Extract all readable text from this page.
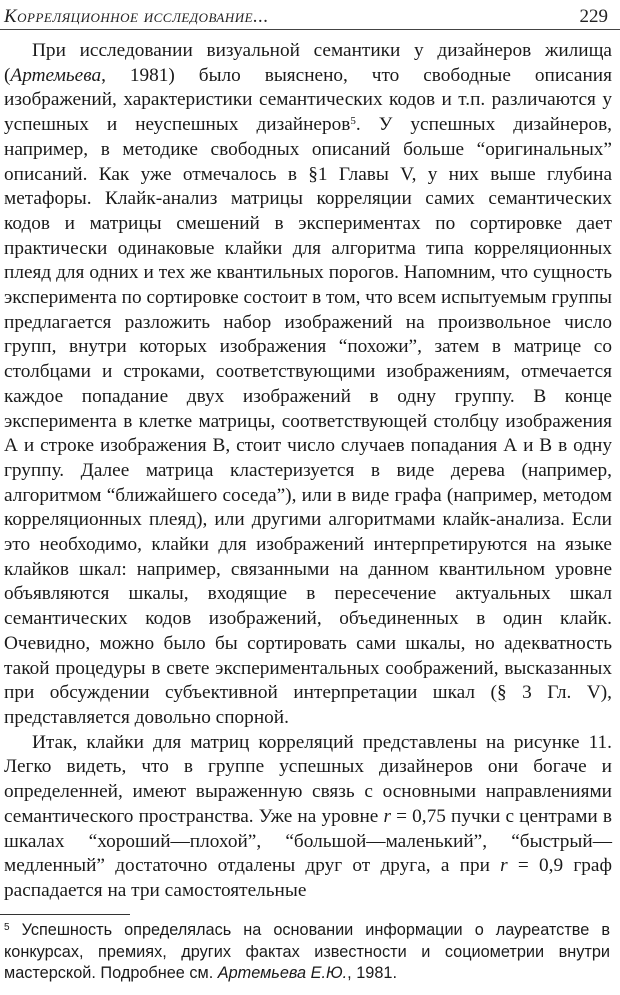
Корреляционное исследование...	229

При исследовании визуальной семантики у дизайнеров жилища (Артемьева, 1981) было выяснено, что свободные описания изображений, характеристики семантических кодов и т.п. различаются у успешных и неуспешных дизайнеров$^5$. У успешных дизайнеров, например, в методике свободных описаний больше “оригинальных” описаний. Как уже отмечалось в §1 Главы V, у них выше глубина метафоры. Клайк-анализ матрицы корреляции самих семантических кодов и матрицы смешений в экспериментах по сортировке дает практически одинаковые клайки для алгоритма типа корреляционных плеяд для одних и тех же квантильных порогов. Напомним, что сущность эксперимента по сортировке состоит в том, что всем испытуемым группы предлагается разложить набор изображений на произвольное число групп, внутри которых изображения “похожи”, затем в матрице со столбцами и строками, соответствующими изображениям, отмечается каждое попадание двух изображений в одну группу. В конце эксперимента в клетке матрицы, соответствующей столбцу изображения А и строке изображения В, стоит число случаев попадания А и В в одну группу. Далее матрица кластеризуется в виде дерева (например, алгоритмом “ближайшего соседа”), или в виде графа (например, методом корреляционных плеяд), или другими алгоритмами клайк-анализа. Если это необходимо, клайки для изображений интерпретируются на языке клайков шкал: например, связанными на данном квантильном уровне объявляются шкалы, входящие в пересечение актуальных шкал семантических кодов изображений, объединенных в один клайк. Очевидно, можно было бы сортировать сами шкалы, но адекватность такой процедуры в свете экспериментальных соображений, высказанных при обсуждении субъективной интерпретации шкал (§ 3 Гл. V), представляется довольно спорной.

Итак, клайки для матриц корреляций представлены на рисунке 11. Легко видеть, что в группе успешных дизайнеров они богаче и определенней, имеют выраженную связь с основными направлениями семантического пространства. Уже на уровне r = 0,75 пучки с центрами в шкалах “хороший—плохой”, “большой—маленький”, “быстрый—медленный” достаточно отдалены друг от друга, а при r = 0,9 граф распадается на три самостоятельные

$^5$ Успешность определялась на основании информации о лауреатстве в конкурсах, премиях, других фактах известности и социометрии внутри мастерской. Подробнее см. Артемьева Е.Ю., 1981.
